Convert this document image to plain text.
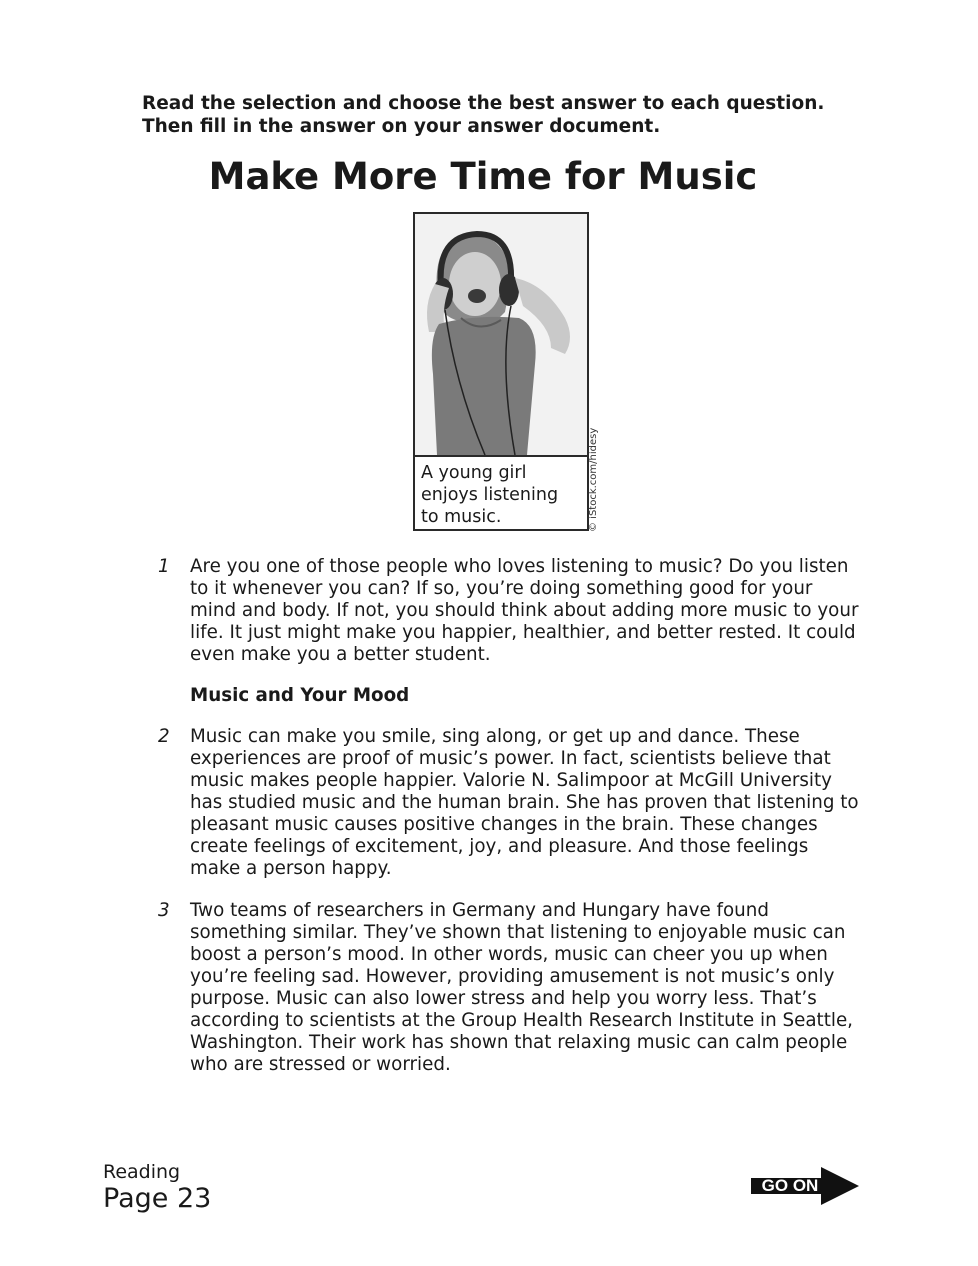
Read the selection and choose the best answer to each question. Then fill in the answer on your answer document.
Make More Time for Music
A young girl enjoys listening to music.	© iStock.com/hidesy
1 Are you one of those people who loves listening to music? Do you listen to it whenever you can? If so, you’re doing something good for your mind and body. If not, you should think about adding more music to your life. It just might make you happier, healthier, and better rested. It could even make you a better student.
Music and Your Mood
2 Music can make you smile, sing along, or get up and dance. These experiences are proof of music’s power. In fact, scientists believe that music makes people happier. Valorie N. Salimpoor at McGill University has studied music and the human brain. She has proven that listening to pleasant music causes positive changes in the brain. These changes create feelings of excitement, joy, and pleasure. And those feelings make a person happy.
3 Two teams of researchers in Germany and Hungary have found something similar. They’ve shown that listening to enjoyable music can boost a person’s mood. In other words, music can cheer you up when you’re feeling sad. However, providing amusement is not music’s only purpose. Music can also lower stress and help you worry less. That’s according to scientists at the Group Health Research Institute in Seattle, Washington. Their work has shown that relaxing music can calm people who are stressed or worried.
Reading
Page 23	GO ON
